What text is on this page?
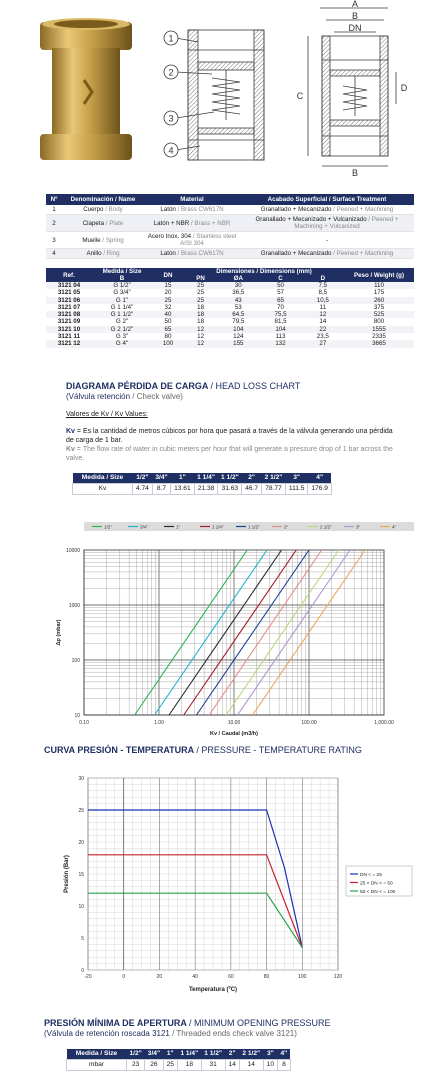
1
2
3
4
A
B
DN
C
D
B
Nº	Denominación / Name	Material	Acabado Superficial / Surface Treatment
1	Cuerpo / Body	Latón / Brass CW617N	Granallado + Mecanizado / Peened + Machining
2	Clapeta / Plate	Latón + NBR / Brass + NBR	Granallado + Mecanizado + Vulcanizado / Peened + Machining + Vulcanized
3	Muelle / Spring	Acero Inox. 304 / Stainless steel AISI 304	-
4	Anillo / Ring	Latón / Brass CW617N	Granallado + Mecanizado / Peened + Machining
Ref.	Medida / Size	DN	Dimensiones / Dimensions (mm)				Peso / Weight (g)
	B		PN	ØA	C	D	
3121 04	G 1/2"	15	25	30	50	7,5	110
3121 05	G 3/4"	20	25	36,5	57	8,5	175
3121 06	G 1"	25	25	43	65	10,5	260
3121 07	G 1 1/4"	32	18	53	70	11	375
3121 08	G 1 1/2"	40	18	64,5	75,5	12	525
3121 09	G 2"	50	18	79,5	81,5	14	800
3121 10	G 2 1/2"	65	12	104	104	22	1555
3121 11	G 3"	80	12	124	113	23,5	2335
3121 12	G 4"	100	12	155	132	27	3665
DIAGRAMA PÉRDIDA DE CARGA / HEAD LOSS CHART
(Válvula retención / Check valve)
Valores de Kv / Kv Values:
Kv = Es la cantidad de metros cúbicos por hora que pasará a través de la válvula generando una pérdida de carga de 1 bar.
Kv = The flow rate of water in cubic meters per hour that will generate a pressure drop of 1 bar across the valve.
Medida / Size	1/2"	3/4"	1"	1 1/4"	1 1/2"	2"	2 1/2"	3"	4"
Kv	4.74	8.7	13.61	21.38	31.63	46.7	78.77	111.5	176.9
1/2"	3/4"	1"	1 1/4"	1 1/2"	2"	2 1/2"	3"	4"
0.10	1.00	10.00	100.00	1,000.00
10
100
1000
10000
Kv / Caudal (m3/h)
Δp (mbar)
CURVA PRESIÓN - TEMPERATURA / PRESSURE - TEMPERATURE RATING
-20	0	20	40	60	80	100	120
0
5
10
15
20
25
30
Temperatura (ºC)
Presión (Bar)	DN < = 25
25 < DN < = 50
50 < DN < = 100
PRESIÓN MÍNIMA DE APERTURA / MINIMUM OPENING PRESSURE
(Válvula de retención roscada 3121 / Threaded ends check valve 3121)
Medida / Size	1/2"	3/4"	1"	1 1/4"	1 1/2"	2"	2 1/2"	3"	4"
mbar	23	26	25	18	31	14	14	10	8
